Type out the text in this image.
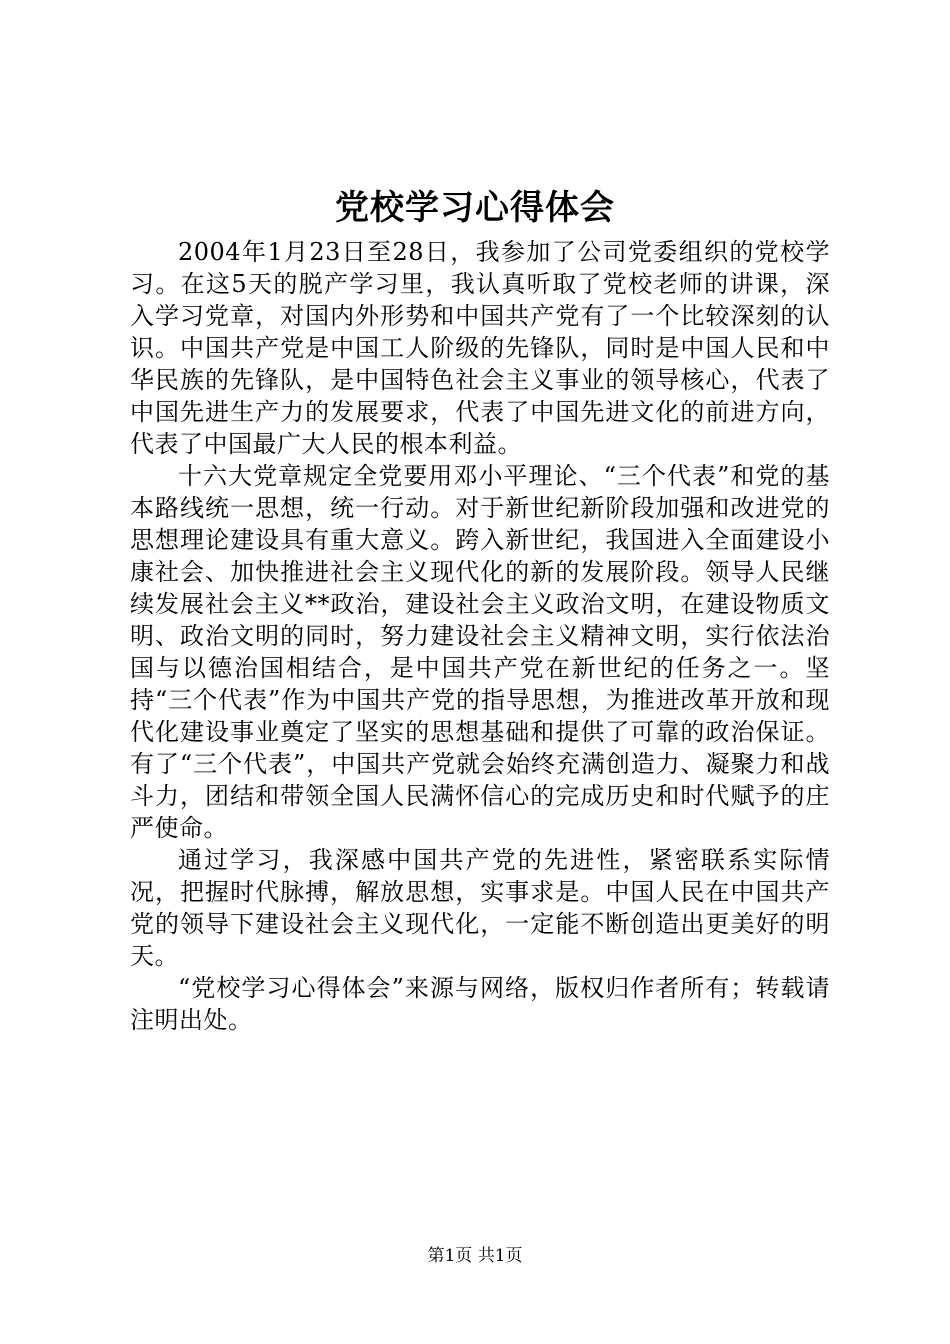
党校学习心得体会

2004年1月23日至28日，我参加了公司党委组织的党校学习。在这5天的脱产学习里，我认真听取了党校老师的讲课，深入学习党章，对国内外形势和中国共产党有了一个比较深刻的认识。中国共产党是中国工人阶级的先锋队，同时是中国人民和中华民族的先锋队，是中国特色社会主义事业的领导核心，代表了中国先进生产力的发展要求，代表了中国先进文化的前进方向，代表了中国最广大人民的根本利益。

十六大党章规定全党要用邓小平理论、“三个代表”和党的基本路线统一思想，统一行动。对于新世纪新阶段加强和改进党的思想理论建设具有重大意义。跨入新世纪，我国进入全面建设小康社会、加快推进社会主义现代化的新的发展阶段。领导人民继续发展社会主义**政治，建设社会主义政治文明，在建设物质文明、政治文明的同时，努力建设社会主义精神文明，实行依法治国与以德治国相结合，是中国共产党在新世纪的任务之一。坚持“三个代表”作为中国共产党的指导思想，为推进改革开放和现代化建设事业奠定了坚实的思想基础和提供了可靠的政治保证。有了“三个代表”，中国共产党就会始终充满创造力、凝聚力和战斗力，团结和带领全国人民满怀信心的完成历史和时代赋予的庄严使命。

通过学习，我深感中国共产党的先进性，紧密联系实际情况，把握时代脉搏，解放思想，实事求是。中国人民在中国共产党的领导下建设社会主义现代化，一定能不断创造出更美好的明天。

“党校学习心得体会”来源与网络，版权归作者所有；转载请注明出处。

第1页 共1页
